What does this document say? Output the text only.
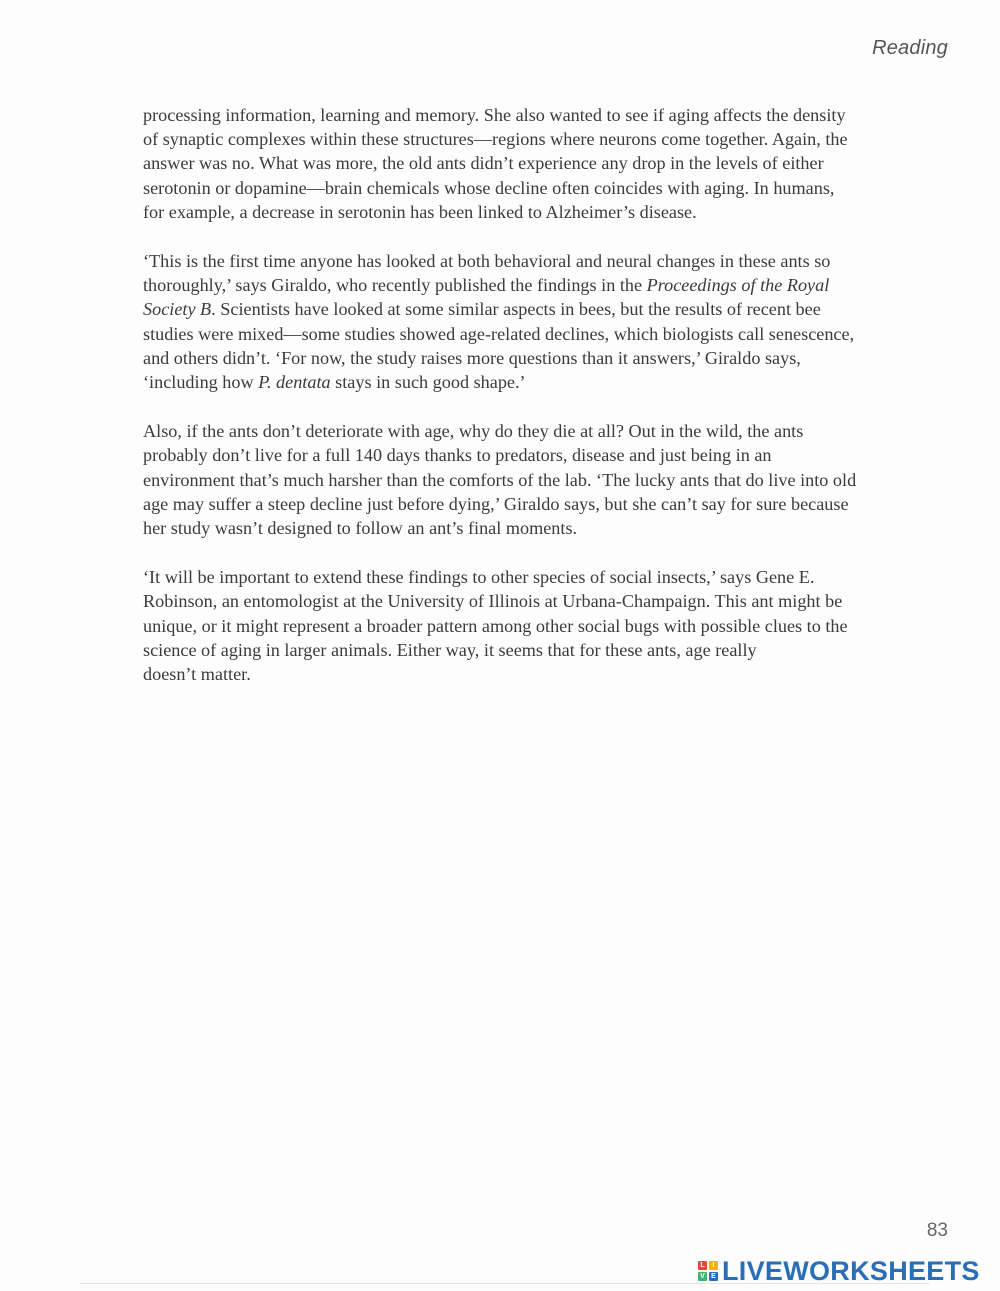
Reading

processing information, learning and memory. She also wanted to see if aging affects the density
of synaptic complexes within these structures—regions where neurons come together. Again, the
answer was no. What was more, the old ants didn’t experience any drop in the levels of either
serotonin or dopamine—brain chemicals whose decline often coincides with aging. In humans,
for example, a decrease in serotonin has been linked to Alzheimer’s disease.

‘This is the first time anyone has looked at both behavioral and neural changes in these ants so
thoroughly,’ says Giraldo, who recently published the findings in the Proceedings of the Royal
Society B. Scientists have looked at some similar aspects in bees, but the results of recent bee
studies were mixed—some studies showed age-related declines, which biologists call senescence,
and others didn’t. ‘For now, the study raises more questions than it answers,’ Giraldo says,
‘including how P. dentata stays in such good shape.’

Also, if the ants don’t deteriorate with age, why do they die at all? Out in the wild, the ants
probably don’t live for a full 140 days thanks to predators, disease and just being in an
environment that’s much harsher than the comforts of the lab. ‘The lucky ants that do live into old
age may suffer a steep decline just before dying,’ Giraldo says, but she can’t say for sure because
her study wasn’t designed to follow an ant’s final moments.

‘It will be important to extend these findings to other species of social insects,’ says Gene E.
Robinson, an entomologist at the University of Illinois at Urbana-Champaign. This ant might be
unique, or it might represent a broader pattern among other social bugs with possible clues to the
science of aging in larger animals. Either way, it seems that for these ants, age really
doesn’t matter.

83
L	I
V E LIVEWORKSHEETS
